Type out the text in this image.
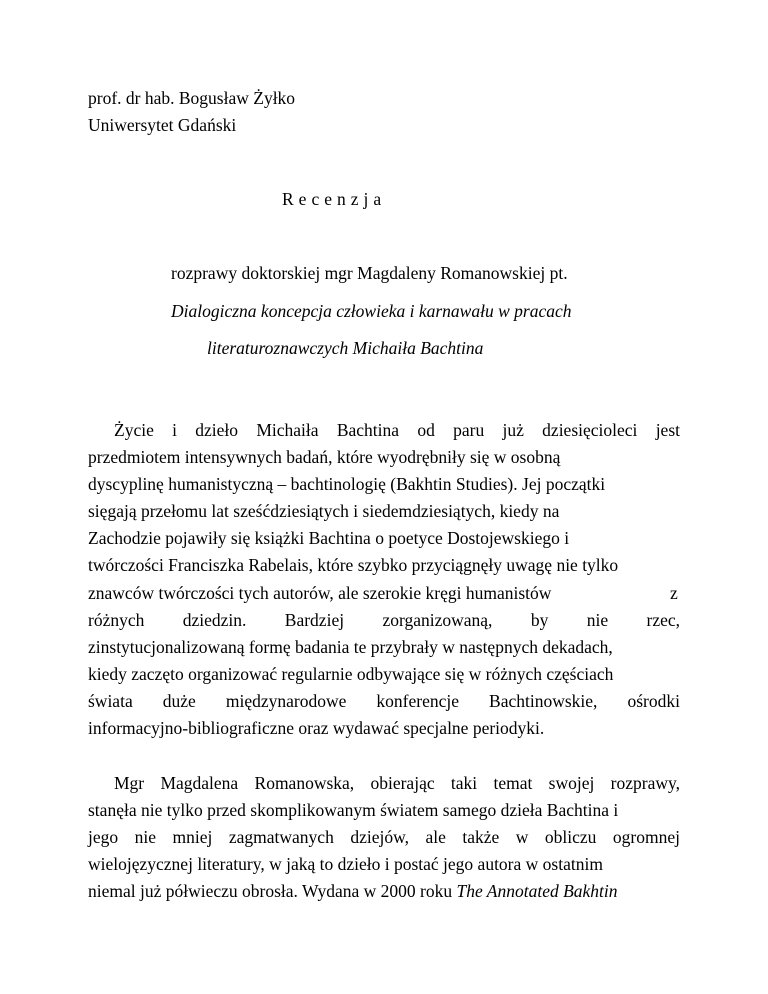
prof. dr hab. Bogusław Żyłko
Uniwersytet Gdański
Recenzja
rozprawy doktorskiej mgr Magdaleny Romanowskiej pt.
Dialogiczna koncepcja człowieka i karnawału w pracach
literaturoznawczych Michaiła Bachtina
Życie i dzieło Michaiła Bachtina od paru już dziesięcioleci jest
przedmiotem intensywnych badań, które wyodrębniły się w osobną
dyscyplinę humanistyczną – bachtinologię (Bakhtin Studies). Jej początki
sięgają przełomu lat sześćdziesiątych i siedemdziesiątych, kiedy na
Zachodzie pojawiły się książki Bachtina o poetyce Dostojewskiego i
twórczości Franciszka Rabelais, które szybko przyciągnęły uwagę nie tylko
znawców twórczości tych autorów, ale szerokie kręgi humanistów	z
różnych dziedzin. Bardziej zorganizowaną, by nie rzec,
zinstytucjonalizowaną formę badania te przybrały w następnych dekadach,
kiedy zaczęto organizować regularnie odbywające się w różnych częściach
świata duże międzynarodowe konferencje Bachtinowskie, ośrodki
informacyjno-bibliograficzne oraz wydawać specjalne periodyki.
Mgr Magdalena Romanowska, obierając taki temat swojej rozprawy,
stanęła nie tylko przed skomplikowanym światem samego dzieła Bachtina i
jego nie mniej zagmatwanych dziejów, ale także w obliczu ogromnej
wielojęzycznej literatury, w jaką to dzieło i postać jego autora w ostatnim
niemal już półwieczu obrosła. Wydana w 2000 roku The Annotated Bakhtin
